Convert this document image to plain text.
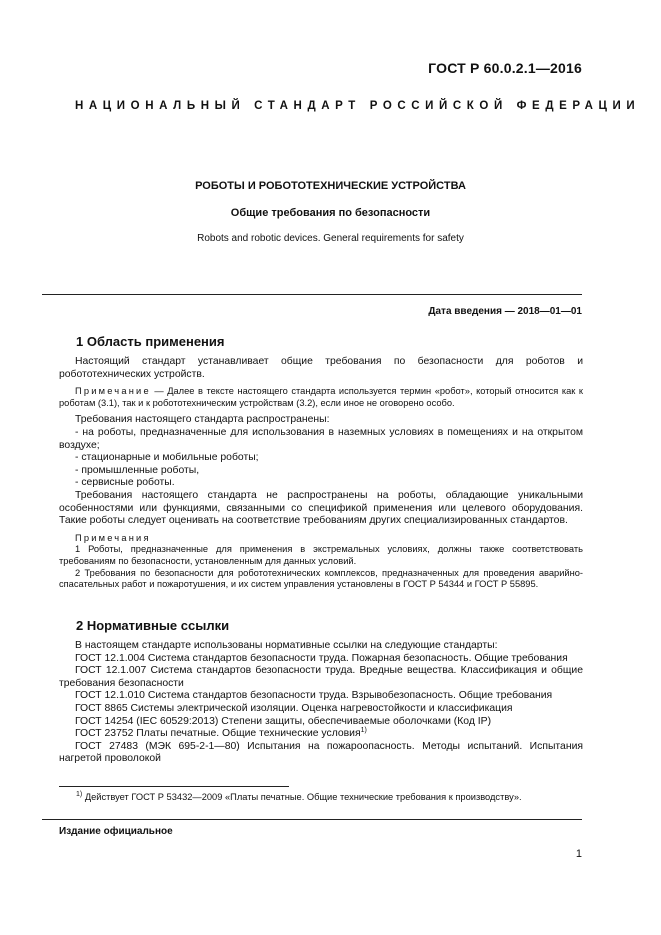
ГОСТ Р 60.0.2.1—2016
НАЦИОНАЛЬНЫЙ СТАНДАРТ РОССИЙСКОЙ ФЕДЕРАЦИИ
РОБОТЫ И РОБОТОТЕХНИЧЕСКИЕ УСТРОЙСТВА
Общие требования по безопасности
Robots and robotic devices. General requirements for safety
Дата введения — 2018—01—01
1 Область применения
Настоящий стандарт устанавливает общие требования по безопасности для роботов и робототехнических устройств.
Примечание — Далее в тексте настоящего стандарта используется термин «робот», который относится как к роботам (3.1), так и к робототехническим устройствам (3.2), если иное не оговорено особо.
Требования настоящего стандарта распространены:
- на роботы, предназначенные для использования в наземных условиях в помещениях и на открытом воздухе;
- стационарные и мобильные роботы;
- промышленные роботы,
- сервисные роботы.
Требования настоящего стандарта не распространены на роботы, обладающие уникальными особенностями или функциями, связанными со спецификой применения или целевого оборудования. Такие роботы следует оценивать на соответствие требованиям других специализированных стандартов.
Примечания
1 Роботы, предназначенные для применения в экстремальных условиях, должны также соответствовать требованиям по безопасности, установленным для данных условий.
2 Требования по безопасности для робототехнических комплексов, предназначенных для проведения аварийно-спасательных работ и пожаротушения, и их систем управления установлены в ГОСТ Р 54344 и ГОСТ Р 55895.
2 Нормативные ссылки
В настоящем стандарте использованы нормативные ссылки на следующие стандарты:
ГОСТ 12.1.004 Система стандартов безопасности труда. Пожарная безопасность. Общие требования
ГОСТ 12.1.007 Система стандартов безопасности труда. Вредные вещества. Классификация и общие требования безопасности
ГОСТ 12.1.010 Система стандартов безопасности труда. Взрывобезопасность. Общие требования
ГОСТ 8865 Системы электрической изоляции. Оценка нагревостойкости и классификация
ГОСТ 14254 (IEC 60529:2013) Степени защиты, обеспечиваемые оболочками (Код IP)
ГОСТ 23752 Платы печатные. Общие технические условия$^{1)}$
ГОСТ 27483 (МЭК 695-2-1—80) Испытания на пожароопасность. Методы испытаний. Испытания нагретой проволокой
$^{1)}$ Действует ГОСТ Р 53432—2009 «Платы печатные. Общие технические требования к производству».
Издание официальное
1
